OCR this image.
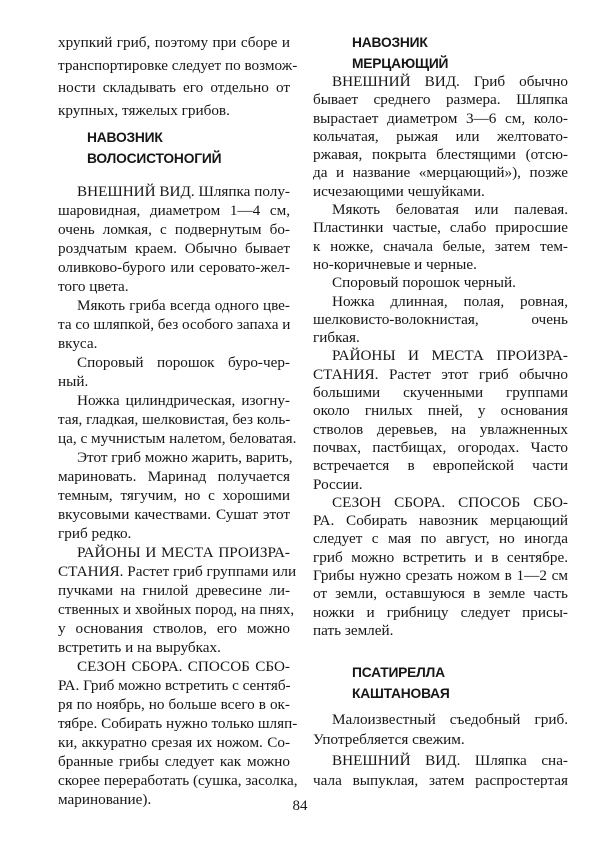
хрупкий гриб, поэтому при сборе и
транспортировке следует по возмож-
ности складывать его отдельно от
крупных, тяжелых грибов.
НАВОЗНИК
ВОЛОСИСТОНОГИЙ
ВНЕШНИЙ ВИД. Шляпка полу-
шаровидная, диаметром 1—4 см,
очень ломкая, с подвернутым бо-
роздчатым краем. Обычно бывает
оливково-бурого или серовато-жел-
того цвета.
Мякоть гриба всегда одного цве-
та со шляпкой, без особого запаха и
вкуса.
Споровый порошок буро-чер-
ный.
Ножка цилиндрическая, изогну-
тая, гладкая, шелковистая, без коль-
ца, с мучнистым налетом, беловатая.
Этот гриб можно жарить, варить,
мариновать. Маринад получается
темным, тягучим, но с хорошими
вкусовыми качествами. Сушат этот
гриб редко.
РАЙОНЫ И МЕСТА ПРОИЗРА-
СТАНИЯ. Растет гриб группами или
пучками на гнилой древесине ли-
ственных и хвойных пород, на пнях,
у основания стволов, его можно
встретить и на вырубках.
СЕЗОН СБОРА. СПОСОБ СБО-
РА. Гриб можно встретить с сентяб-
ря по ноябрь, но больше всего в ок-
тябре. Собирать нужно только шляп-
ки, аккуратно срезая их ножом. Со-
бранные грибы следует как можно
скорее переработать (сушка, засолка,
маринование).
НАВОЗНИК
МЕРЦАЮЩИЙ
ВНЕШНИЙ ВИД. Гриб обычно
бывает среднего размера. Шляпка
вырастает диаметром 3—6 см, коло-
кольчатая, рыжая или желтовато-
ржавая, покрыта блестящими (отсю-
да и название «мерцающий»), позже
исчезающими чешуйками.
Мякоть беловатая или палевая.
Пластинки частые, слабо приросшие
к ножке, сначала белые, затем тем-
но-коричневые и черные.
Споровый порошок черный.
Ножка длинная, полая, ровная,
шелковисто-волокнистая, очень
гибкая.
РАЙОНЫ И МЕСТА ПРОИЗРА-
СТАНИЯ. Растет этот гриб обычно
большими скученными группами
около гнилых пней, у основания
стволов деревьев, на увлажненных
почвах, пастбищах, огородах. Часто
встречается в европейской части
России.
СЕЗОН СБОРА. СПОСОБ СБО-
РА. Собирать навозник мерцающий
следует с мая по август, но иногда
гриб можно встретить и в сентябре.
Грибы нужно срезать ножом в 1—2 см
от земли, оставшуюся в земле часть
ножки и грибницу следует присы-
пать землей.
ПСАТИРЕЛЛА
КАШТАНОВАЯ
Малоизвестный съедобный гриб.
Употребляется свежим.
ВНЕШНИЙ ВИД. Шляпка сна-
чала выпуклая, затем распростертая
84
